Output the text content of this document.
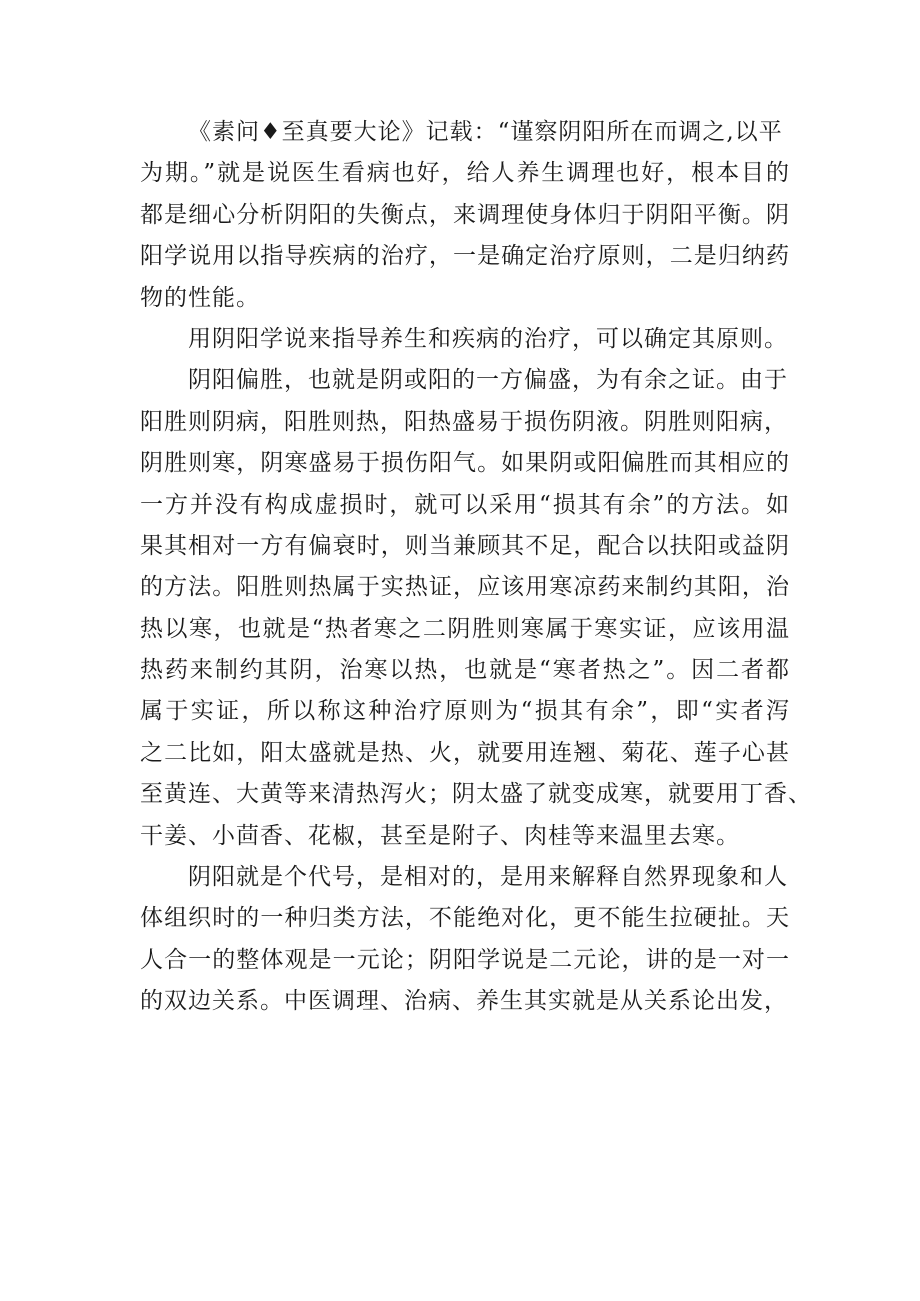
《素问♦至真要大论》记载：“谨察阴阳所在而调之,以平
为期。”就是说医生看病也好，给人养生调理也好，根本目的
都是细心分析阴阳的失衡点，来调理使身体归于阴阳平衡。阴
阳学说用以指导疾病的治疗，一是确定治疗原则，二是归纳药
物的性能。
用阴阳学说来指导养生和疾病的治疗，可以确定其原则。
阴阳偏胜，也就是阴或阳的一方偏盛，为有余之证。由于
阳胜则阴病，阳胜则热，阳热盛易于损伤阴液。阴胜则阳病，
阴胜则寒，阴寒盛易于损伤阳气。如果阴或阳偏胜而其相应的
一方并没有构成虚损时，就可以采用“损其有余”的方法。如
果其相对一方有偏衰时，则当兼顾其不足，配合以扶阳或益阴
的方法。阳胜则热属于实热证，应该用寒凉药来制约其阳，治
热以寒，也就是“热者寒之二阴胜则寒属于寒实证，应该用温
热药来制约其阴，治寒以热，也就是“寒者热之”。因二者都
属于实证，所以称这种治疗原则为“损其有余”，即“实者泻
之二比如，阳太盛就是热、火，就要用连翘、菊花、莲子心甚
至黄连、大黄等来清热泻火；阴太盛了就变成寒，就要用丁香、
干姜、小茴香、花椒，甚至是附子、肉桂等来温里去寒。
阴阳就是个代号，是相对的，是用来解释自然界现象和人
体组织时的一种归类方法，不能绝对化，更不能生拉硬扯。天
人合一的整体观是一元论；阴阳学说是二元论，讲的是一对一
的双边关系。中医调理、治病、养生其实就是从关系论出发，
